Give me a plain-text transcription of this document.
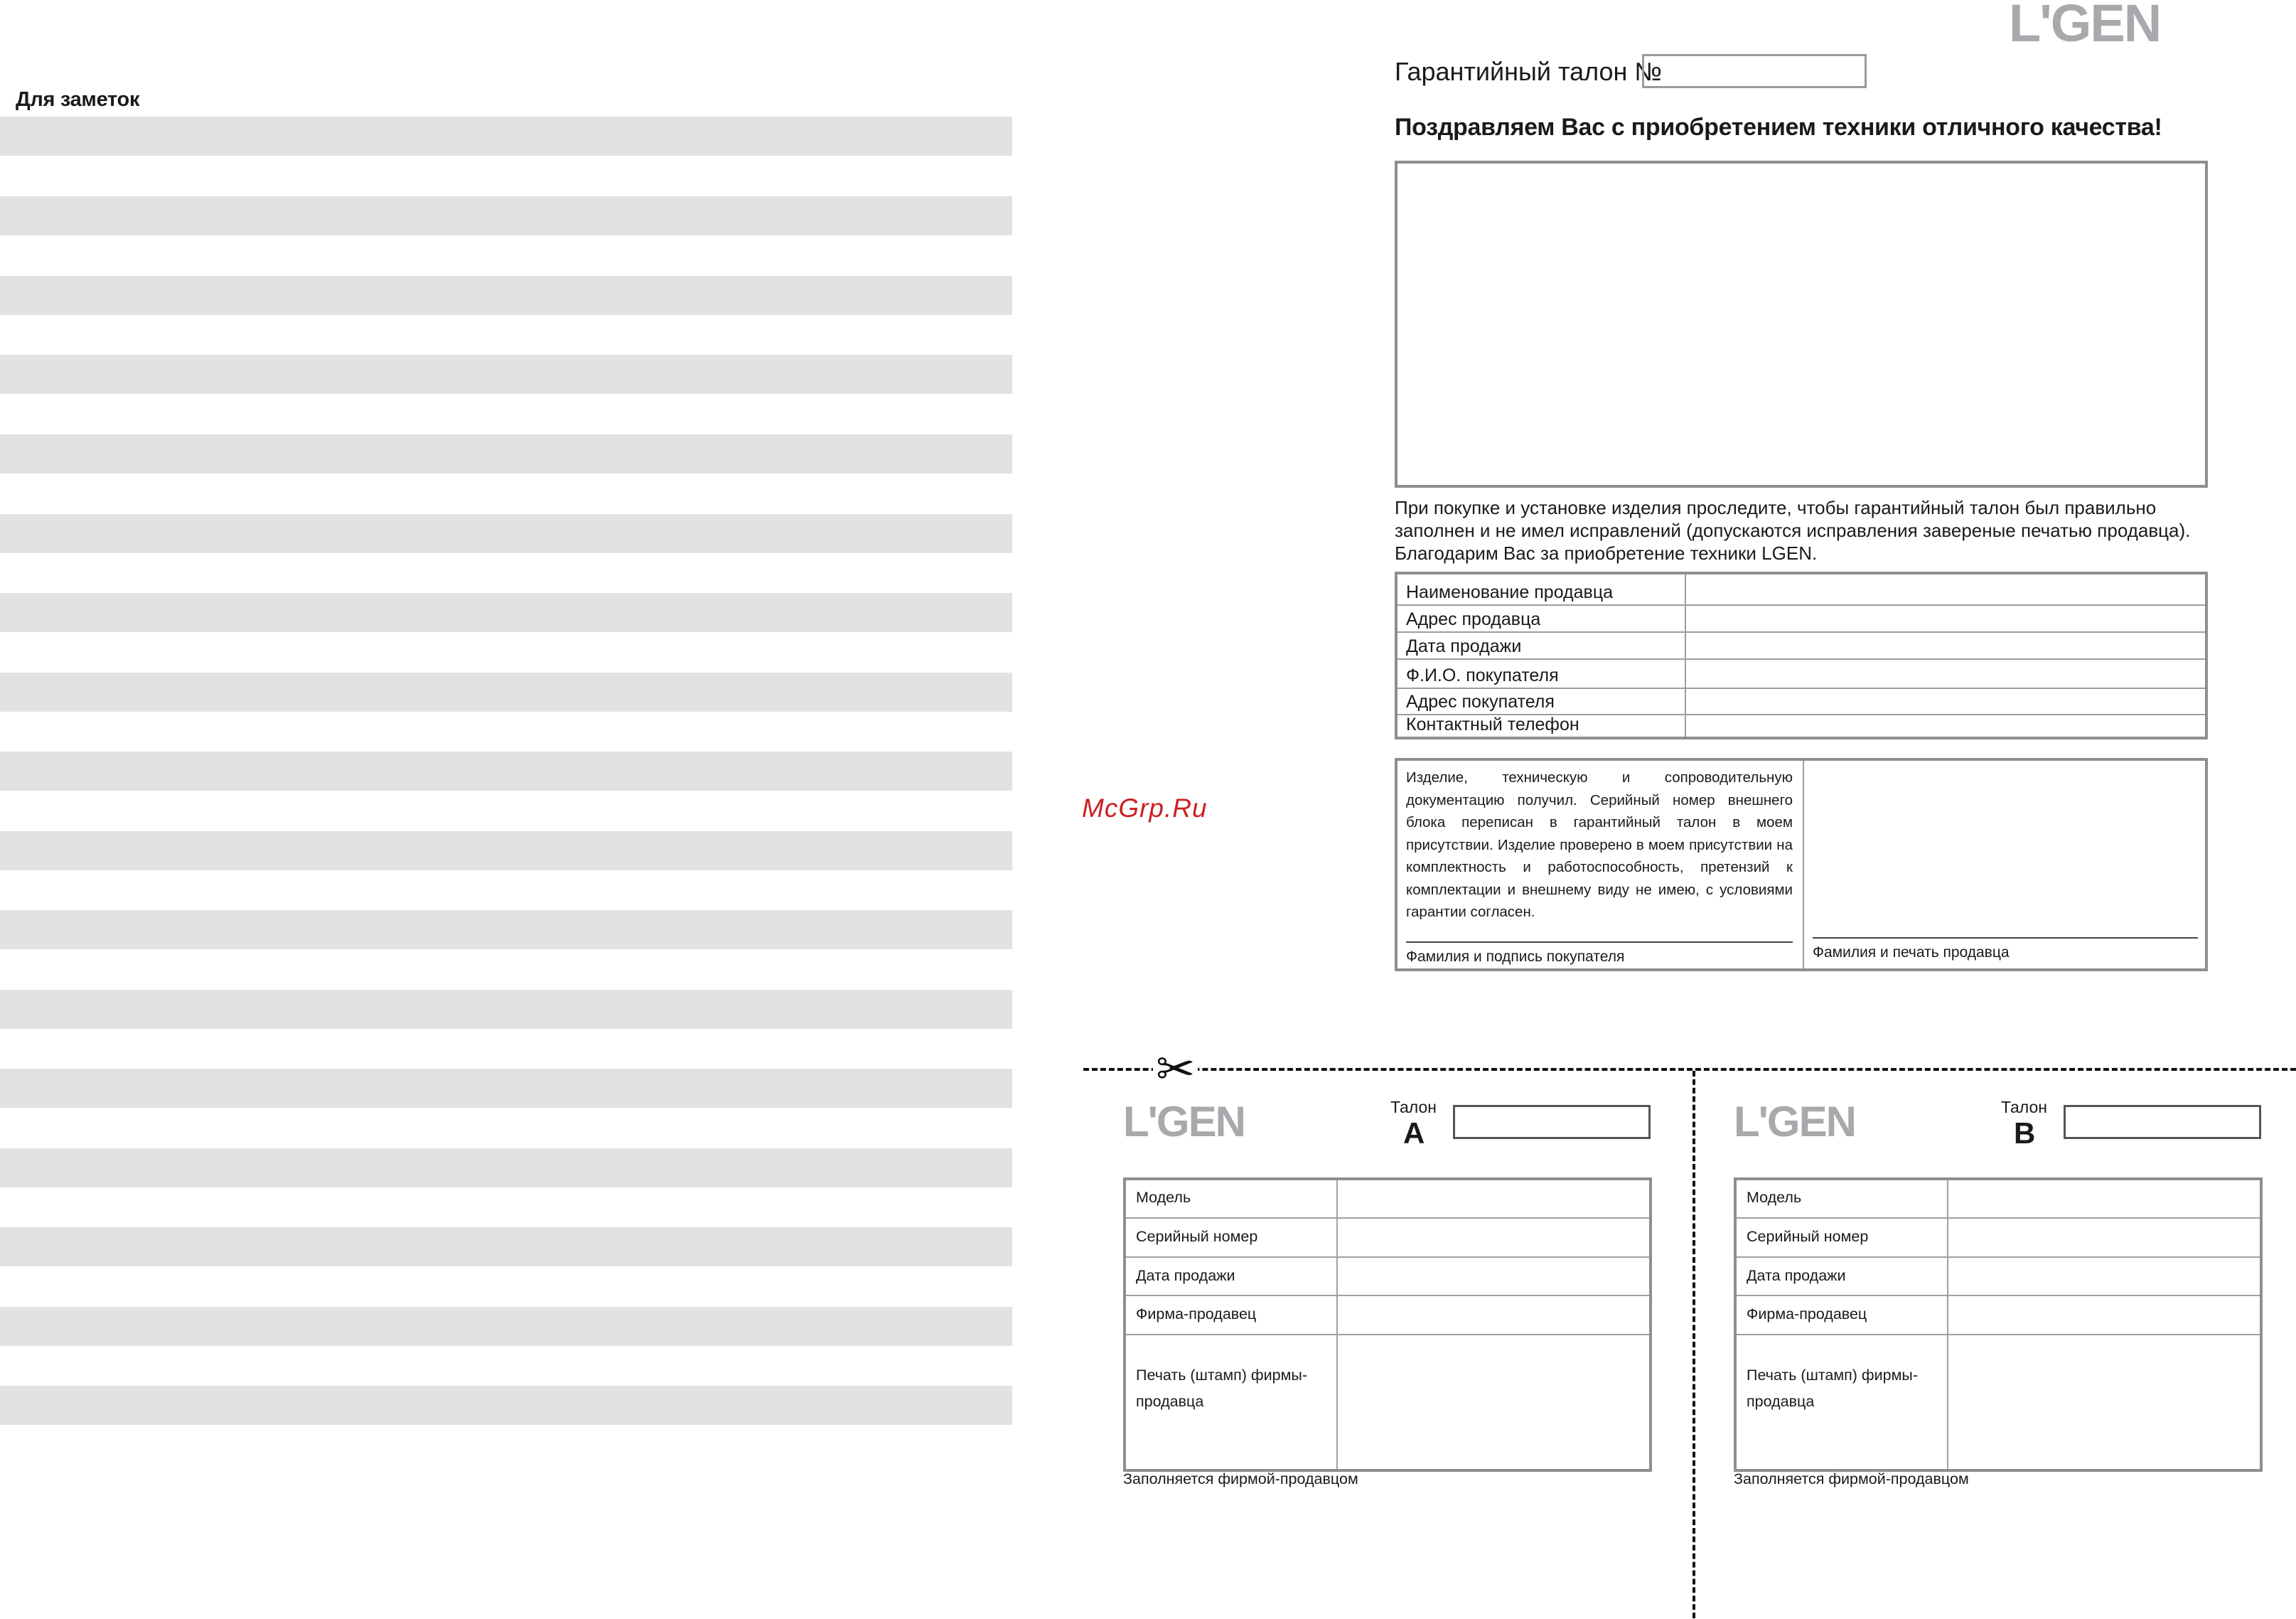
Для заметок
L'GEN
Гарантийный талон №
Поздравляем Вас с приобретением техники отличного качества!
При покупке и установке изделия проследите, чтобы гарантийный талон был правильно заполнен и не имел исправлений (допускаются исправления завереные печатью продавца). Благодарим Вас за приобретение техники LGEN.
Наименование продавца
Адрес продавца
Дата продажи
Ф.И.О. покупателя
Адрес покупателя
Контактный телефон
Изделие, техническую и сопроводительную документацию получил. Серийный номер внешнего блока переписан в гарантийный талон в моем присутствии. Изделие проверено в моем присутствии на комплектность и работоспособность, претензий к комплектации и внешнему виду не имею, с условиями гарантии согласен.
Фамилия и подпись покупателя	Фамилия и печать продавца
McGrp.Ru
✂
L'GEN	Талон
A
Модель
Серийный номер
Дата продажи
Фирма-продавец
Печать (штамп) фирмы-продавца
Заполняется фирмой-продавцом
L'GEN	Талон
B
Модель
Серийный номер
Дата продажи
Фирма-продавец
Печать (штамп) фирмы-продавца
Заполняется фирмой-продавцом
